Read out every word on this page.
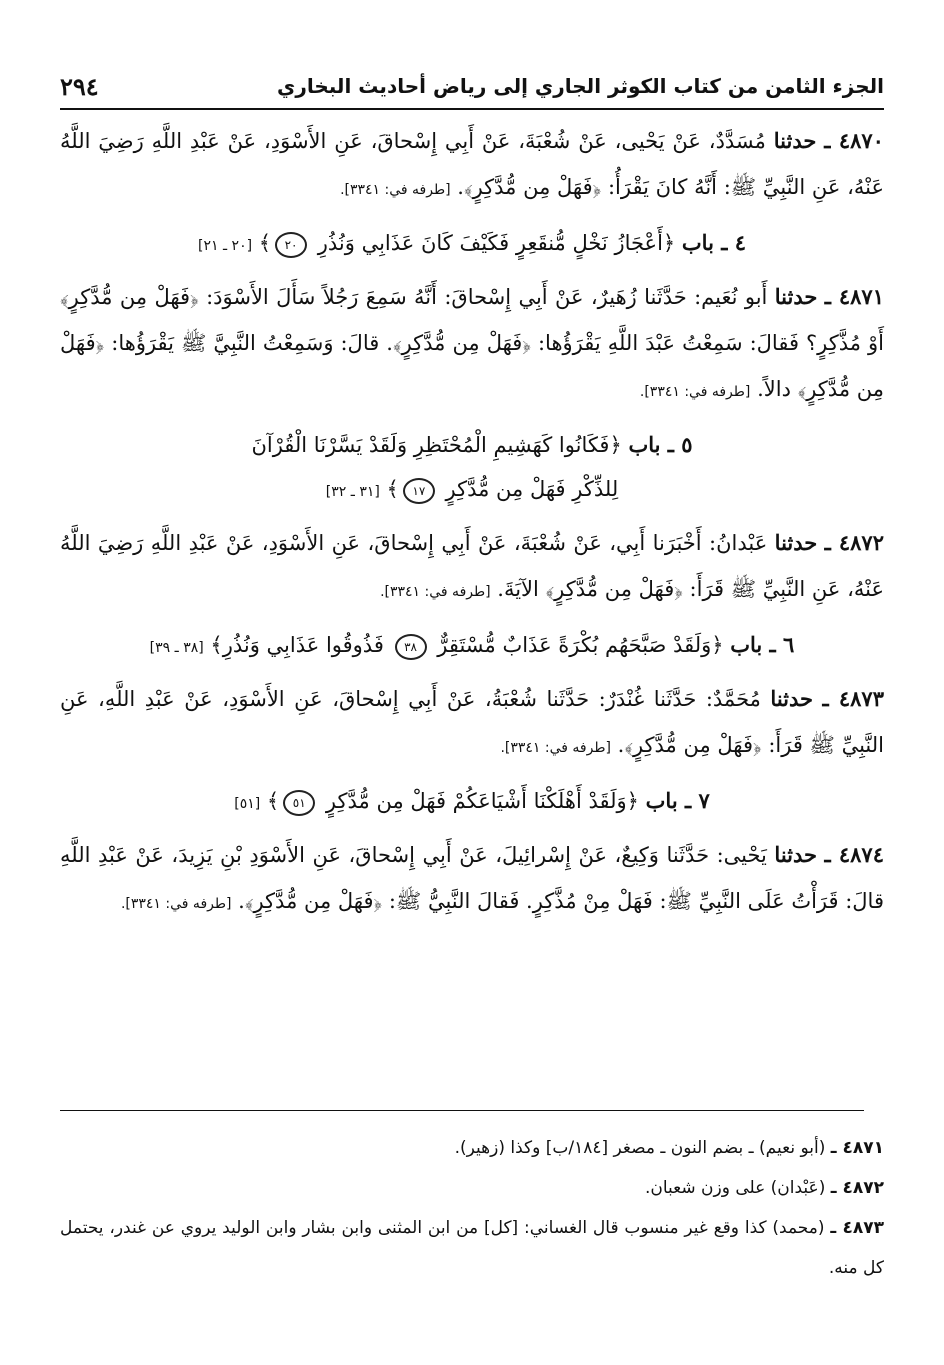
٢٩٤	الجزء الثامن من كتاب الكوثر الجاري إلى رياض أحاديث البخاري

٤٨٧٠ ـ حدثنا مُسَدَّدٌ، عَنْ يَحْيى، عَنْ شُعْبَةَ، عَنْ أَبِي إِسْحاقَ، عَنِ الأَسْوَدِ، عَنْ عَبْدِ اللَّهِ رَضِيَ اللَّهُ عَنْهُ، عَنِ النَّبِيِّ ﷺ: أَنَّهُ كانَ يَقْرَأُ: ﴿فَهَلْ مِن مُّدَّكِرٍ﴾. [طرفه في: ٣٣٤١].

٤ ـ باب ﴿أَعْجَازُ نَخْلٍ مُّنقَعِرٍ فَكَيْفَ كَانَ عَذَابِي وَنُذُرِ ٢٠﴾ [٢٠ ـ ٢١]

٤٨٧١ ـ حدثنا أَبو نُعَيم: حَدَّثَنا زُهَيرٌ، عَنْ أَبِي إِسْحاقَ: أَنَّهُ سَمِعَ رَجُلاً سَأَلَ الأَسْوَدَ: ﴿فَهَلْ مِن مُّدَّكِرٍ﴾ أَوْ مُذَّكِرٍ؟ فَقالَ: سَمِعْتُ عَبْدَ اللَّهِ يَقْرَؤُها: ﴿فَهَلْ مِن مُّدَّكِرٍ﴾. قالَ: وَسَمِعْتُ النَّبِيَّ ﷺ يَقْرَؤُها: ﴿فَهَلْ مِن مُّدَّكِرٍ﴾ دالاً. [طرفه في: ٣٣٤١].

٥ ـ باب ﴿فَكَانُوا كَهَشِيمِ الْمُحْتَظِرِ وَلَقَدْ يَسَّرْنَا الْقُرْآنَ
لِلذِّكْرِ فَهَلْ مِن مُّدَّكِرٍ ١٧﴾ [٣١ ـ ٣٢]

٤٨٧٢ ـ حدثنا عَبْدانُ: أَخْبَرَنا أَبِي، عَنْ شُعْبَةَ، عَنْ أَبِي إِسْحاقَ، عَنِ الأَسْوَدِ، عَنْ عَبْدِ اللَّهِ رَضِيَ اللَّهُ عَنْهُ، عَنِ النَّبِيِّ ﷺ قَرَأَ: ﴿فَهَلْ مِن مُّدَّكِرٍ﴾ الآيَةَ. [طرفه في: ٣٣٤١].

٦ ـ باب ﴿وَلَقَدْ صَبَّحَهُم بُكْرَةً عَذَابٌ مُّسْتَقِرٌّ ٣٨ فَذُوقُوا عَذَابِي وَنُذُرِ﴾ [٣٨ ـ ٣٩]

٤٨٧٣ ـ حدثنا مُحَمَّدٌ: حَدَّثَنا غُنْدَرٌ: حَدَّثَنا شُعْبَةُ، عَنْ أَبِي إِسْحاقَ، عَنِ الأَسْوَدِ، عَنْ عَبْدِ اللَّهِ، عَنِ النَّبِيِّ ﷺ قَرَأَ: ﴿فَهَلْ مِن مُّدَّكِرٍ﴾. [طرفه في: ٣٣٤١].

٧ ـ باب ﴿وَلَقَدْ أَهْلَكْنَا أَشْيَاعَكُمْ فَهَلْ مِن مُّدَّكِرٍ ٥١﴾ [٥١]

٤٨٧٤ ـ حدثنا يَحْيى: حَدَّثَنا وَكِيعٌ، عَنْ إِسْرائِيلَ، عَنْ أَبِي إِسْحاقَ، عَنِ الأَسْوَدِ بْنِ يَزِيدَ، عَنْ عَبْدِ اللَّهِ قالَ: قَرَأْتُ عَلَى النَّبِيِّ ﷺ: فَهَلْ مِنْ مُذَّكِرٍ. فَقالَ النَّبِيُّ ﷺ: ﴿فَهَلْ مِن مُّدَّكِرٍ﴾. [طرفه في: ٣٣٤١].

٤٨٧١ ـ (أبو نعيم) ـ بضم النون ـ مصغر [١٨٤/ب] وكذا (زهير).

٤٨٧٢ ـ (عَبْدان) على وزن شعبان.

٤٨٧٣ ـ (محمد) كذا وقع غير منسوب قال الغساني: [كل] من ابن المثنى وابن بشار وابن الوليد يروي عن غندر، يحتمل كل منه.
